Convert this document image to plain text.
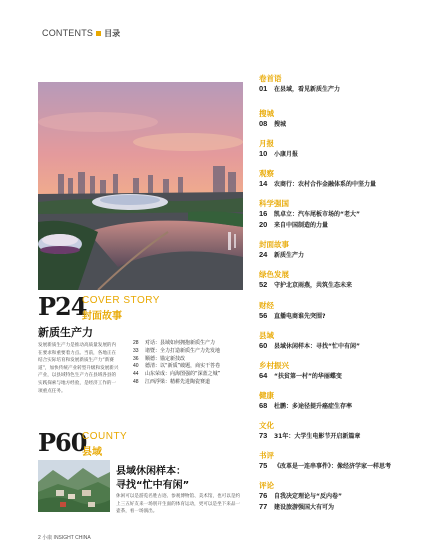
CONTENTS 目录
P24
COVER STORY
封面故事
新质生产力
发展新质生产力是推动高质量发展的内在要求和重要着力点。当前，各地正在结合实际培育和发展新质生产力“新赛道”，加快传统产业转型升级和发展新兴产业，以县域特色生产力在县域各县的实践探索与地方经验，是经济工作的一项重点任务。
28	对话：县域如何拥抱新质生产力
33	诸暨：全力打造新质生产力先发地
36	顺德：锚定新技改
40	德清：以“新质”破题，商实干答卷
44	山东荣成：向海图强的“深蓝之城”
48	江西浮梁：精耕先进陶瓷赛道
P60
COUNTY
县域
县域休闲样本：
寻找“忙中有闲”
休闲可以是游览名胜古迹、参观博物馆、美术馆，也可以是约上三五好友来一场别开生面的体育运动，更可以是坐下来品一壶茶，看一场演出。
2 小康 INSIGHT CHINA
卷首语
01	在县域，看见新质生产力
搜城
08	搜城
月报
10	小康月报
观察
14	农商行：农村合作金融体系的中坚力量
科学强国
16	凯卓立：汽车尾板市场的“老大”
20	来自中国制造的力量
封面故事
24	新质生产力
绿色发展
52	守护北京雨燕，共筑生态未来
财经
56	直播电商谁先突围?
县域
60	县域休闲样本：寻找“忙中有闲”
乡村振兴
64	“扶贫第一村”的华丽蝶变
健康
68	杜鹏：多途径提升癌症生存率
文化
73	31年：大学生电影节开启新篇章
书评
75	《改革是一连串事件》：像经济学家一样思考
评论
76	自我决定理论与“反内卷”
77	建设旅游强国大有可为
